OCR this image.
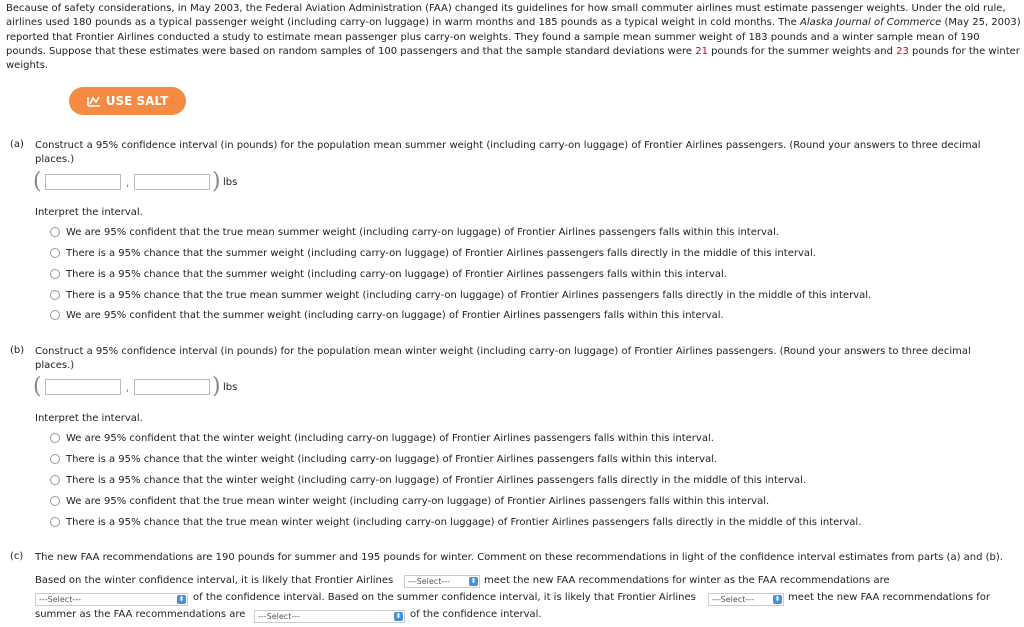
Because of safety considerations, in May 2003, the Federal Aviation Administration (FAA) changed its guidelines for how small commuter airlines must estimate passenger weights. Under the old rule, airlines used 180 pounds as a typical passenger weight (including carry-on luggage) in warm months and 185 pounds as a typical weight in cold months. The Alaska Journal of Commerce (May 25, 2003) reported that Frontier Airlines conducted a study to estimate mean passenger plus carry-on weights. They found a sample mean summer weight of 183 pounds and a winter sample mean of 190 pounds. Suppose that these estimates were based on random samples of 100 passengers and that the sample standard deviations were 21 pounds for the summer weights and 23 pounds for the winter weights.
USE SALT
(a) Construct a 95% confidence interval (in pounds) for the population mean summer weight (including carry-on luggage) of Frontier Airlines passengers. (Round your answers to three decimal places.)
(	,	) lbs
Interpret the interval.
We are 95% confident that the true mean summer weight (including carry-on luggage) of Frontier Airlines passengers falls within this interval.
There is a 95% chance that the summer weight (including carry-on luggage) of Frontier Airlines passengers falls directly in the middle of this interval.
There is a 95% chance that the summer weight (including carry-on luggage) of Frontier Airlines passengers falls within this interval.
There is a 95% chance that the true mean summer weight (including carry-on luggage) of Frontier Airlines passengers falls directly in the middle of this interval.
We are 95% confident that the summer weight (including carry-on luggage) of Frontier Airlines passengers falls within this interval.
(b) Construct a 95% confidence interval (in pounds) for the population mean winter weight (including carry-on luggage) of Frontier Airlines passengers. (Round your answers to three decimal places.)
(	,	) lbs
Interpret the interval.
We are 95% confident that the winter weight (including carry-on luggage) of Frontier Airlines passengers falls within this interval.
There is a 95% chance that the winter weight (including carry-on luggage) of Frontier Airlines passengers falls within this interval.
There is a 95% chance that the winter weight (including carry-on luggage) of Frontier Airlines passengers falls directly in the middle of this interval.
We are 95% confident that the true mean winter weight (including carry-on luggage) of Frontier Airlines passengers falls within this interval.
There is a 95% chance that the true mean winter weight (including carry-on luggage) of Frontier Airlines passengers falls directly in the middle of this interval.
(c) The new FAA recommendations are 190 pounds for summer and 195 pounds for winter. Comment on these recommendations in light of the confidence interval estimates from parts (a) and (b).
Based on the winter confidence interval, it is likely that Frontier Airlines	---Select---	⬍ meet the new FAA recommendations for winter as the FAA recommendations are
---Select---	⬍ of the confidence interval. Based on the summer confidence interval, it is likely that Frontier Airlines	---Select---	⬍ meet the new FAA recommendations for
summer as the FAA recommendations are	---Select---	⬍ of the confidence interval.
